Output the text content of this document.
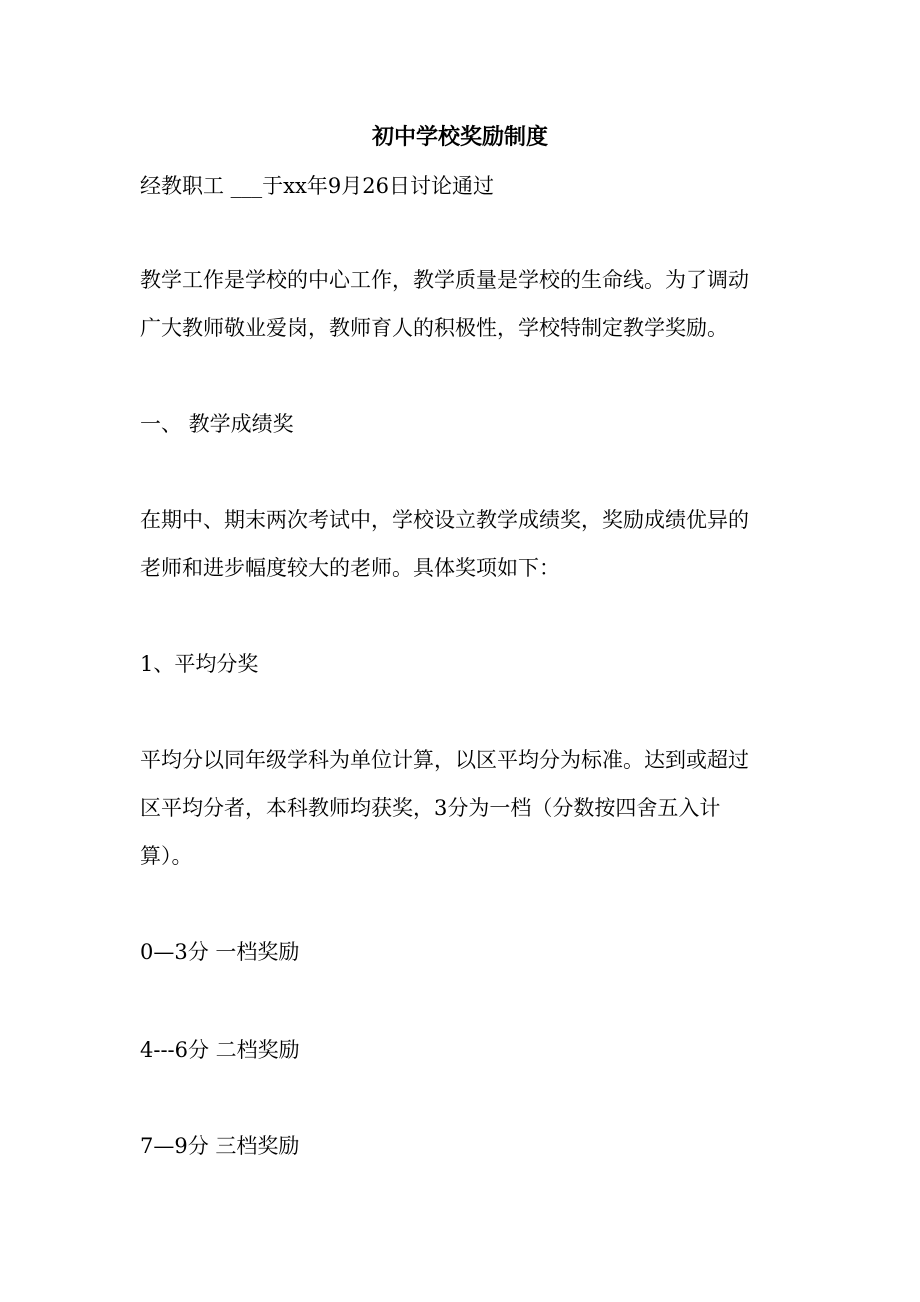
初中学校奖励制度

经教职工 ___于xx年9月26日讨论通过

教学工作是学校的中心工作，教学质量是学校的生命线。为了调动

广大教师敬业爱岗，教师育人的积极性，学校特制定教学奖励。

一、 教学成绩奖

在期中、期末两次考试中，学校设立教学成绩奖，奖励成绩优异的

老师和进步幅度较大的老师。具体奖项如下：

1、平均分奖

平均分以同年级学科为单位计算，以区平均分为标准。达到或超过

区平均分者，本科教师均获奖，3分为一档（分数按四舍五入计

算）。

0—3分 一档奖励

4---6分 二档奖励

7—9分 三档奖励
